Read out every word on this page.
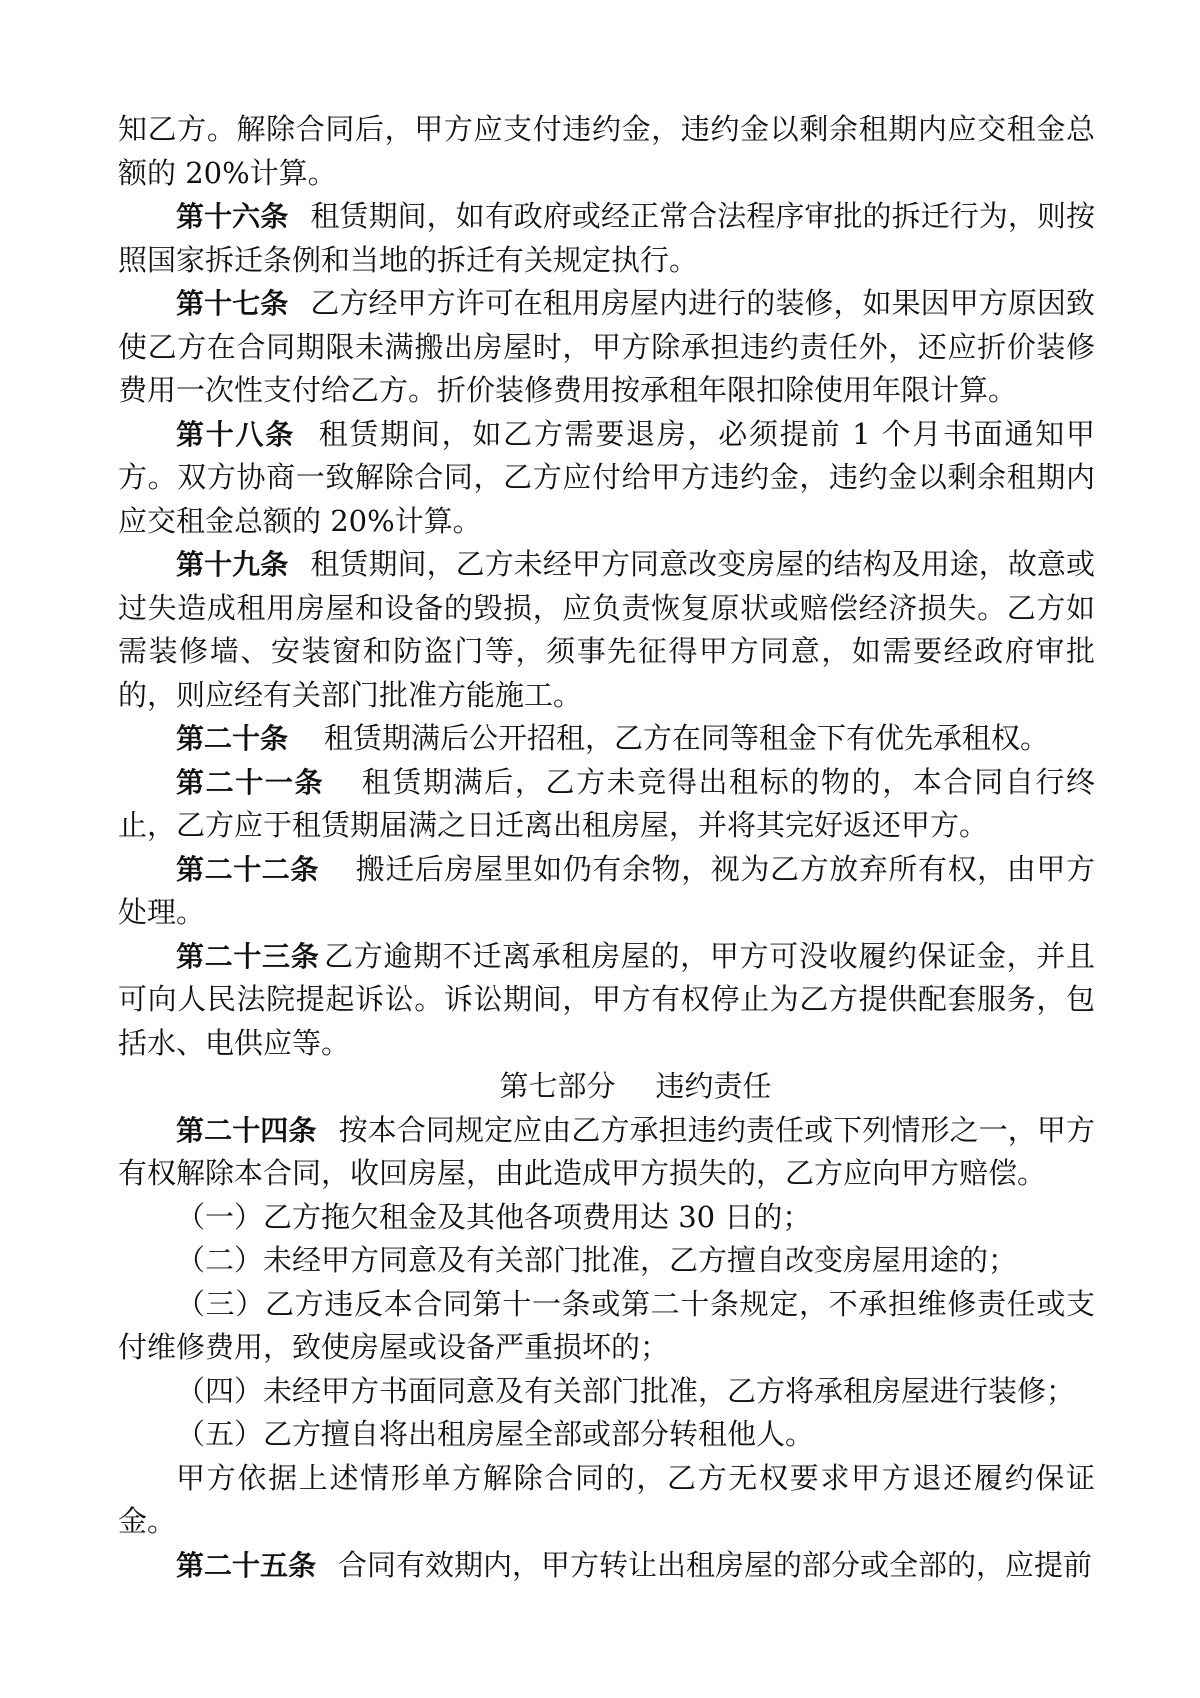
知乙方。解除合同后，甲方应支付违约金，违约金以剩余租期内应交租金总额的 20%计算。

第十六条 租赁期间，如有政府或经正常合法程序审批的拆迁行为，则按照国家拆迁条例和当地的拆迁有关规定执行。

第十七条 乙方经甲方许可在租用房屋内进行的装修，如果因甲方原因致使乙方在合同期限未满搬出房屋时，甲方除承担违约责任外，还应折价装修费用一次性支付给乙方。折价装修费用按承租年限扣除使用年限计算。

第十八条 租赁期间，如乙方需要退房，必须提前 1 个月书面通知甲方。双方协商一致解除合同，乙方应付给甲方违约金，违约金以剩余租期内应交租金总额的 20%计算。

第十九条 租赁期间，乙方未经甲方同意改变房屋的结构及用途，故意或过失造成租用房屋和设备的毁损，应负责恢复原状或赔偿经济损失。乙方如需装修墙、安装窗和防盗门等，须事先征得甲方同意，如需要经政府审批的，则应经有关部门批准方能施工。

第二十条 租赁期满后公开招租，乙方在同等租金下有优先承租权。

第二十一条 租赁期满后，乙方未竞得出租标的物的，本合同自行终止，乙方应于租赁期届满之日迁离出租房屋，并将其完好返还甲方。

第二十二条 搬迁后房屋里如仍有余物，视为乙方放弃所有权，由甲方处理。

第二十三条 乙方逾期不迁离承租房屋的，甲方可没收履约保证金，并且可向人民法院提起诉讼。诉讼期间，甲方有权停止为乙方提供配套服务，包括水、电供应等。

第七部分 违约责任

第二十四条 按本合同规定应由乙方承担违约责任或下列情形之一，甲方有权解除本合同，收回房屋，由此造成甲方损失的，乙方应向甲方赔偿。

（一）乙方拖欠租金及其他各项费用达 30 日的；

（二）未经甲方同意及有关部门批准，乙方擅自改变房屋用途的；

（三）乙方违反本合同第十一条或第二十条规定，不承担维修责任或支付维修费用，致使房屋或设备严重损坏的；

（四）未经甲方书面同意及有关部门批准，乙方将承租房屋进行装修；

（五）乙方擅自将出租房屋全部或部分转租他人。

甲方依据上述情形单方解除合同的，乙方无权要求甲方退还履约保证金。

第二十五条 合同有效期内，甲方转让出租房屋的部分或全部的，应提前
